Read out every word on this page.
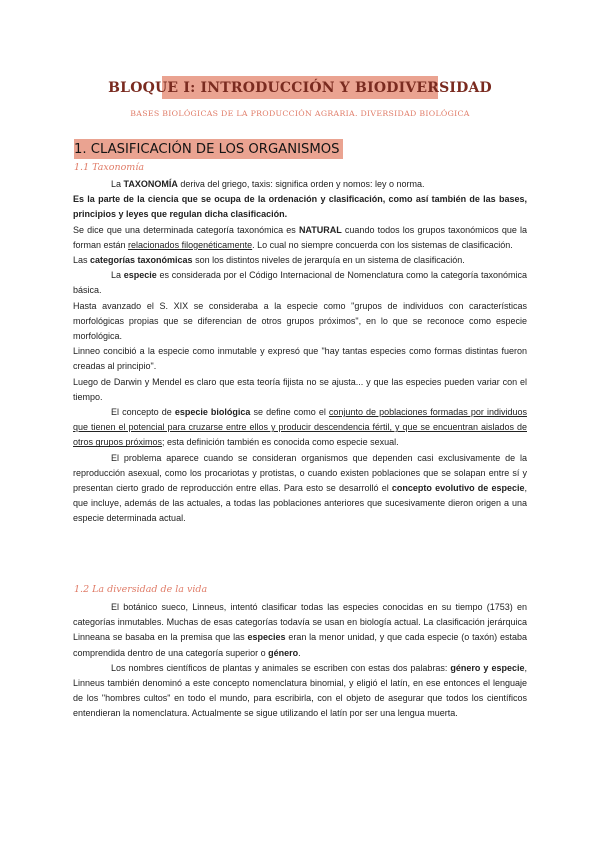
BLOQUE I: INTRODUCCIÓN Y BIODIVERSIDAD
BASES BIOLÓGICAS DE LA PRODUCCIÓN AGRARIA. DIVERSIDAD BIOLÓGICA
1. CLASIFICACIÓN DE LOS ORGANISMOS
1.1 Taxonomía

La TAXONOMÍA deriva del griego, taxis: significa orden y nomos: ley o norma.

Es la parte de la ciencia que se ocupa de la ordenación y clasificación, como así también de las bases, principios y leyes que regulan dicha clasificación.

Se dice que una determinada categoría taxonómica es NATURAL cuando todos los grupos taxonómicos que la forman están relacionados filogenéticamente. Lo cual no siempre concuerda con los sistemas de clasificación.

Las categorías taxonómicas son los distintos niveles de jerarquía en un sistema de clasificación.

La especie es considerada por el Código Internacional de Nomenclatura como la categoría taxonómica básica.

Hasta avanzado el S. XIX se consideraba a la especie como "grupos de individuos con características morfológicas propias que se diferencian de otros grupos próximos", en lo que se reconoce como especie morfológica.

Linneo concibió a la especie como inmutable y expresó que "hay tantas especies como formas distintas fueron creadas al principio".

Luego de Darwin y Mendel es claro que esta teoría fijista no se ajusta... y que las especies pueden variar con el tiempo.

El concepto de especie biológica se define como el conjunto de poblaciones formadas por individuos que tienen el potencial para cruzarse entre ellos y producir descendencia fértil, y que se encuentran aislados de otros grupos próximos; esta definición también es conocida como especie sexual.

El problema aparece cuando se consideran organismos que dependen casi exclusivamente de la reproducción asexual, como los procariotas y protistas, o cuando existen poblaciones que se solapan entre sí y presentan cierto grado de reproducción entre ellas. Para esto se desarrolló el concepto evolutivo de especie, que incluye, además de las actuales, a todas las poblaciones anteriores que sucesivamente dieron origen a una especie determinada actual.

1.2 La diversidad de la vida

El botánico sueco, Linneus, intentó clasificar todas las especies conocidas en su tiempo (1753) en categorías inmutables. Muchas de esas categorías todavía se usan en biología actual. La clasificación jerárquica Linneana se basaba en la premisa que las especies eran la menor unidad, y que cada especie (o taxón) estaba comprendida dentro de una categoría superior o género.

Los nombres científicos de plantas y animales se escriben con estas dos palabras: género y especie, Linneus también denominó a este concepto nomenclatura binomial, y eligió el latín, en ese entonces el lenguaje de los "hombres cultos" en todo el mundo, para escribirla, con el objeto de asegurar que todos los científicos entendieran la nomenclatura. Actualmente se sigue utilizando el latín por ser una lengua muerta.
